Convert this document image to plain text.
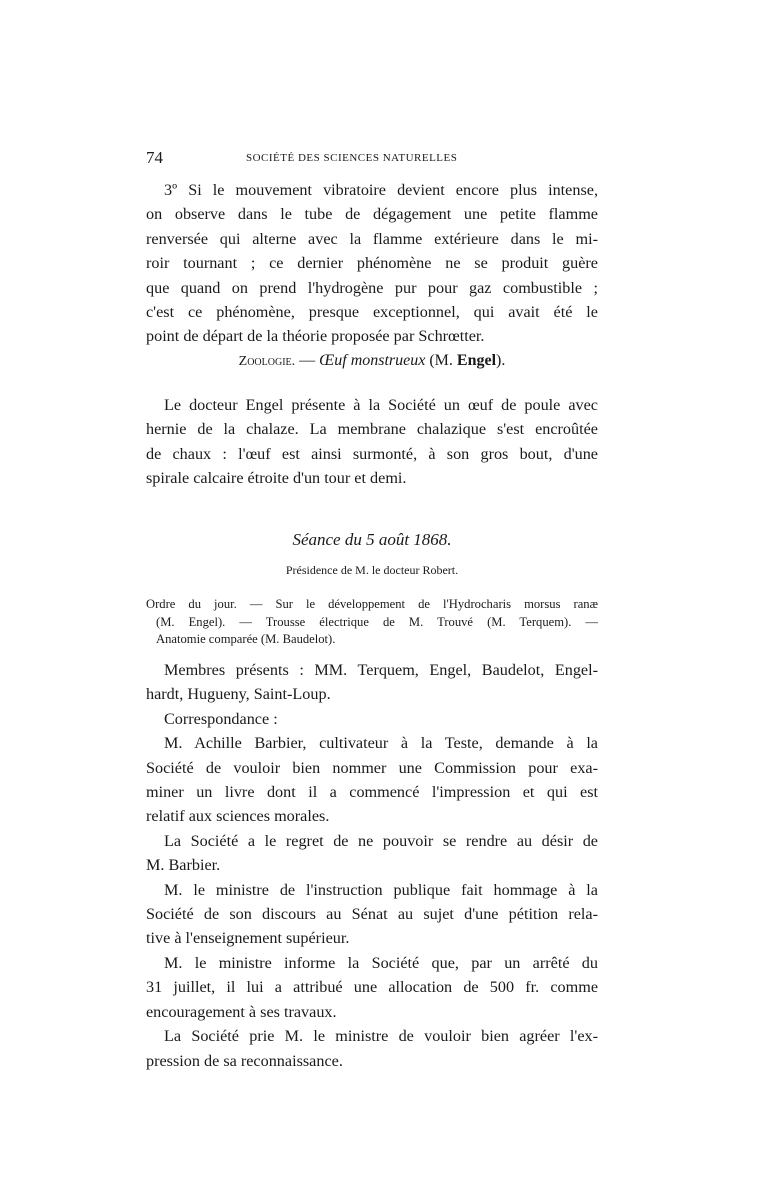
74	SOCIÉTÉ DES SCIENCES NATURELLES
3º Si le mouvement vibratoire devient encore plus intense,
on observe dans le tube de dégagement une petite flamme
renversée qui alterne avec la flamme extérieure dans le mi-
roir tournant ; ce dernier phénomène ne se produit guère
que quand on prend l'hydrogène pur pour gaz combustible ;
c'est ce phénomène, presque exceptionnel, qui avait été le
point de départ de la théorie proposée par Schrœtter.
Zoologie. — Œuf monstrueux (M. Engel).
Le docteur Engel présente à la Société un œuf de poule avec
hernie de la chalaze. La membrane chalazique s'est encroûtée
de chaux : l'œuf est ainsi surmonté, à son gros bout, d'une
spirale calcaire étroite d'un tour et demi.
Séance du 5 août 1868.
Présidence de M. le docteur Robert.
Ordre du jour. — Sur le développement de l'Hydrocharis morsus ranæ
(M. Engel). — Trousse électrique de M. Trouvé (M. Terquem). —
Anatomie comparée (M. Baudelot).
Membres présents : MM. Terquem, Engel, Baudelot, Engel-
hardt, Hugueny, Saint-Loup.
Correspondance :
M. Achille Barbier, cultivateur à la Teste, demande à la
Société de vouloir bien nommer une Commission pour exa-
miner un livre dont il a commencé l'impression et qui est
relatif aux sciences morales.
La Société a le regret de ne pouvoir se rendre au désir de
M. Barbier.
M. le ministre de l'instruction publique fait hommage à la
Société de son discours au Sénat au sujet d'une pétition rela-
tive à l'enseignement supérieur.
M. le ministre informe la Société que, par un arrêté du
31 juillet, il lui a attribué une allocation de 500 fr. comme
encouragement à ses travaux.
La Société prie M. le ministre de vouloir bien agréer l'ex-
pression de sa reconnaissance.
